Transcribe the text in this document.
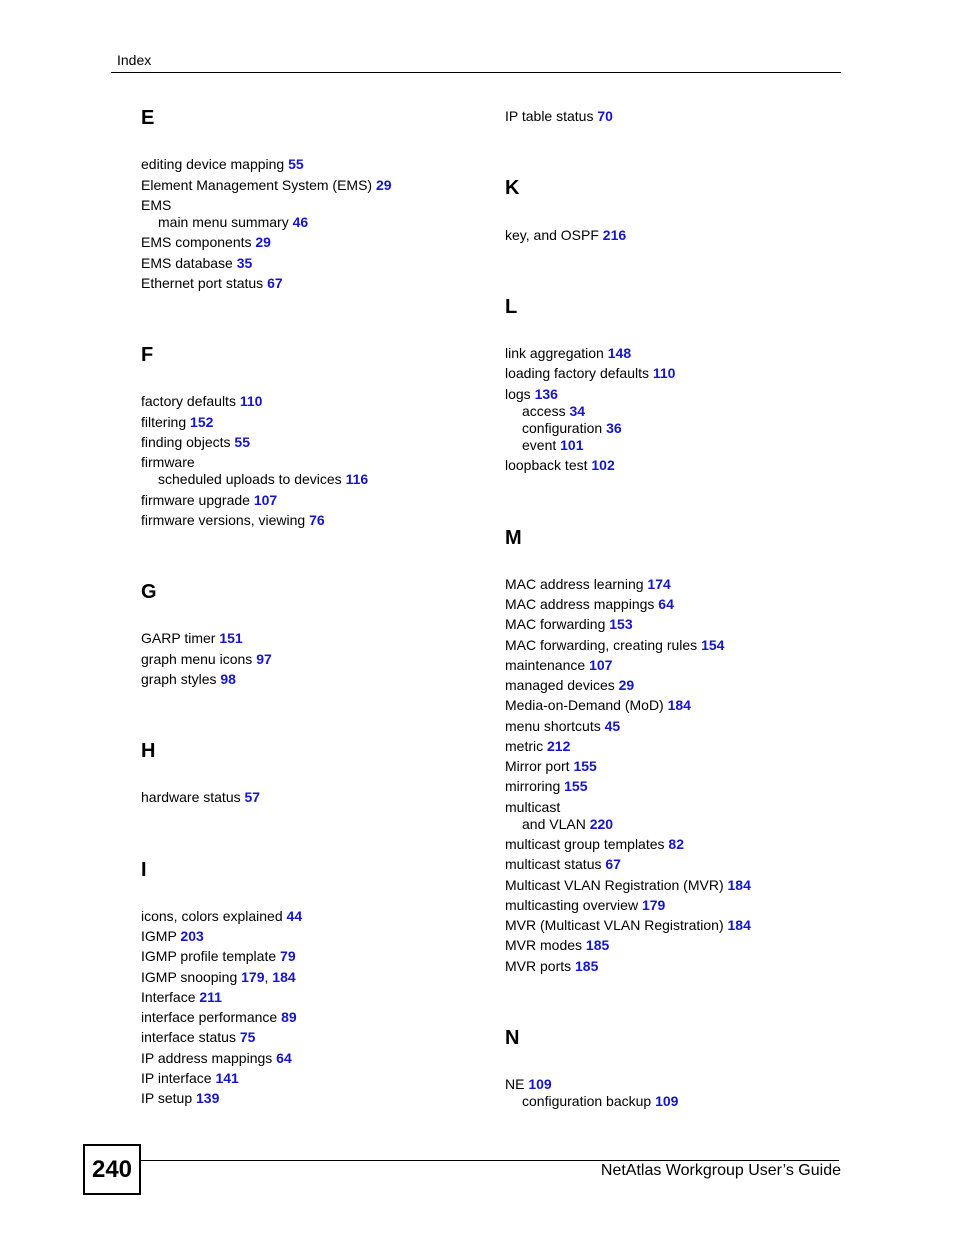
Index
E
editing device mapping 55
Element Management System (EMS) 29
EMS
main menu summary 46
EMS components 29
EMS database 35
Ethernet port status 67
F
factory defaults 110
filtering 152
finding objects 55
firmware
scheduled uploads to devices 116
firmware upgrade 107
firmware versions, viewing 76
G
GARP timer 151
graph menu icons 97
graph styles 98
H
hardware status 57
I
icons, colors explained 44
IGMP 203
IGMP profile template 79
IGMP snooping 179, 184
Interface 211
interface performance 89
interface status 75
IP address mappings 64
IP interface 141
IP setup 139
IP table status 70
K
key, and OSPF 216
L
link aggregation 148
loading factory defaults 110
logs 136
access 34
configuration 36
event 101
loopback test 102
M
MAC address learning 174
MAC address mappings 64
MAC forwarding 153
MAC forwarding, creating rules 154
maintenance 107
managed devices 29
Media-on-Demand (MoD) 184
menu shortcuts 45
metric 212
Mirror port 155
mirroring 155
multicast
and VLAN 220
multicast group templates 82
multicast status 67
Multicast VLAN Registration (MVR) 184
multicasting overview 179
MVR (Multicast VLAN Registration) 184
MVR modes 185
MVR ports 185
N
NE 109
configuration backup 109
240	NetAtlas Workgroup User’s Guide
